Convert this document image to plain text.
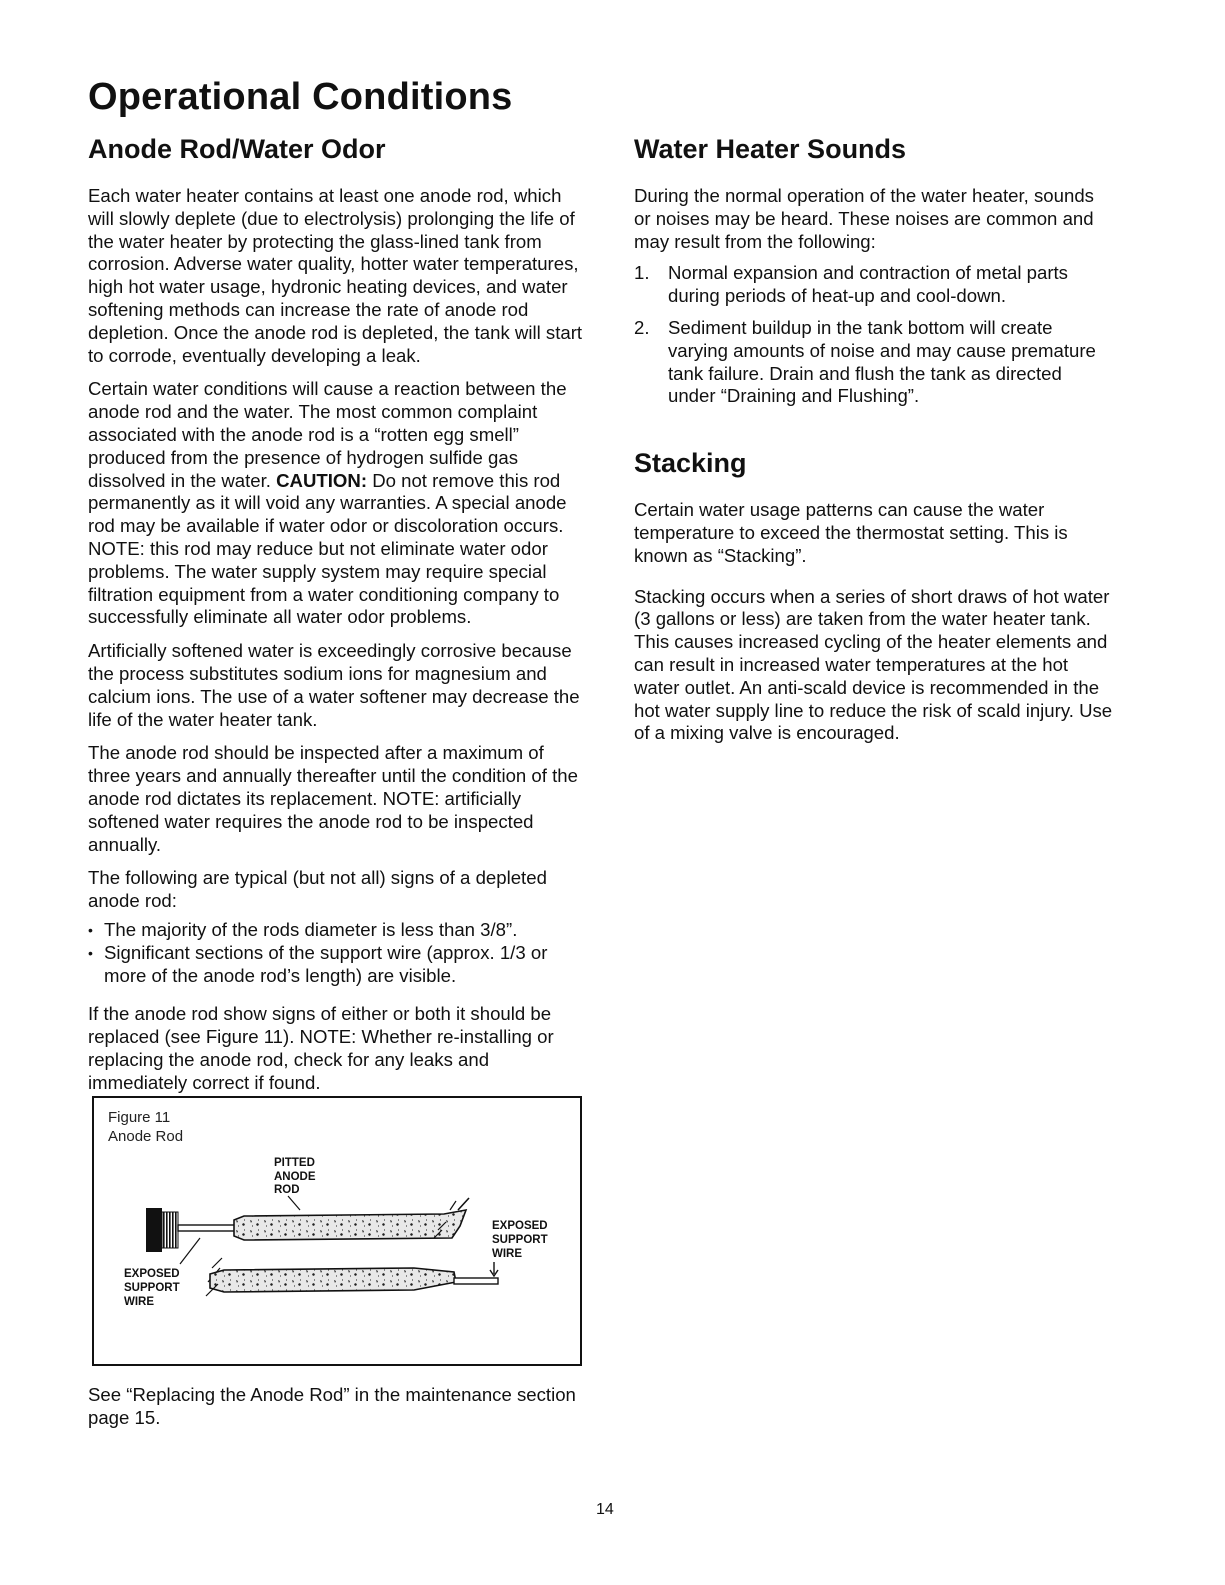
Operational Conditions
Anode Rod/Water Odor

Each water heater contains at least one anode rod, which will slowly deplete (due to electrolysis) prolonging the life of the water heater by protecting the glass-lined tank from corrosion. Adverse water quality, hotter water temperatures, high hot water usage, hydronic heating devices, and water softening methods can increase the rate of anode rod depletion. Once the anode rod is depleted, the tank will start to corrode, eventually developing a leak.

Certain water conditions will cause a reaction between the anode rod and the water. The most common complaint associated with the anode rod is a “rotten egg smell” produced from the presence of hydrogen sulfide gas dissolved in the water. CAUTION: Do not remove this rod permanently as it will void any warranties. A special anode rod may be available if water odor or discoloration occurs. NOTE: this rod may reduce but not eliminate water odor problems. The water supply system may require special filtration equipment from a water conditioning company to successfully eliminate all water odor problems.

Artificially softened water is exceedingly corrosive because the process substitutes sodium ions for magnesium and calcium ions. The use of a water softener may decrease the life of the water heater tank.

The anode rod should be inspected after a maximum of three years and annually thereafter until the condition of the anode rod dictates its replacement. NOTE: artificially softened water requires the anode rod to be inspected annually.

The following are typical (but not all) signs of a depleted anode rod:

• The majority of the rods diameter is less than 3/8”.
• Significant sections of the support wire (approx. 1/3 or more of the anode rod’s length) are visible.

If the anode rod show signs of either or both it should be replaced (see Figure 11). NOTE: Whether re-installing or replacing the anode rod, check for any leaks and immediately correct if found.

Figure 11
Anode Rod
PITTED
ANODE
ROD
EXPOSED
SUPPORT
WIRE
EXPOSED
SUPPORT
WIRE

See “Replacing the Anode Rod” in the maintenance section page 15.

Water Heater Sounds

During the normal operation of the water heater, sounds or noises may be heard. These noises are common and may result from the following:

1. Normal expansion and contraction of metal parts during periods of heat-up and cool-down.
2. Sediment buildup in the tank bottom will create varying amounts of noise and may cause premature tank failure. Drain and flush the tank as directed under “Draining and Flushing”.
Stacking

Certain water usage patterns can cause the water temperature to exceed the thermostat setting. This is known as “Stacking”.

Stacking occurs when a series of short draws of hot water (3 gallons or less) are taken from the water heater tank. This causes increased cycling of the heater elements and can result in increased water temperatures at the hot water outlet. An anti-scald device is recommended in the hot water supply line to reduce the risk of scald injury. Use of a mixing valve is encouraged.

14
